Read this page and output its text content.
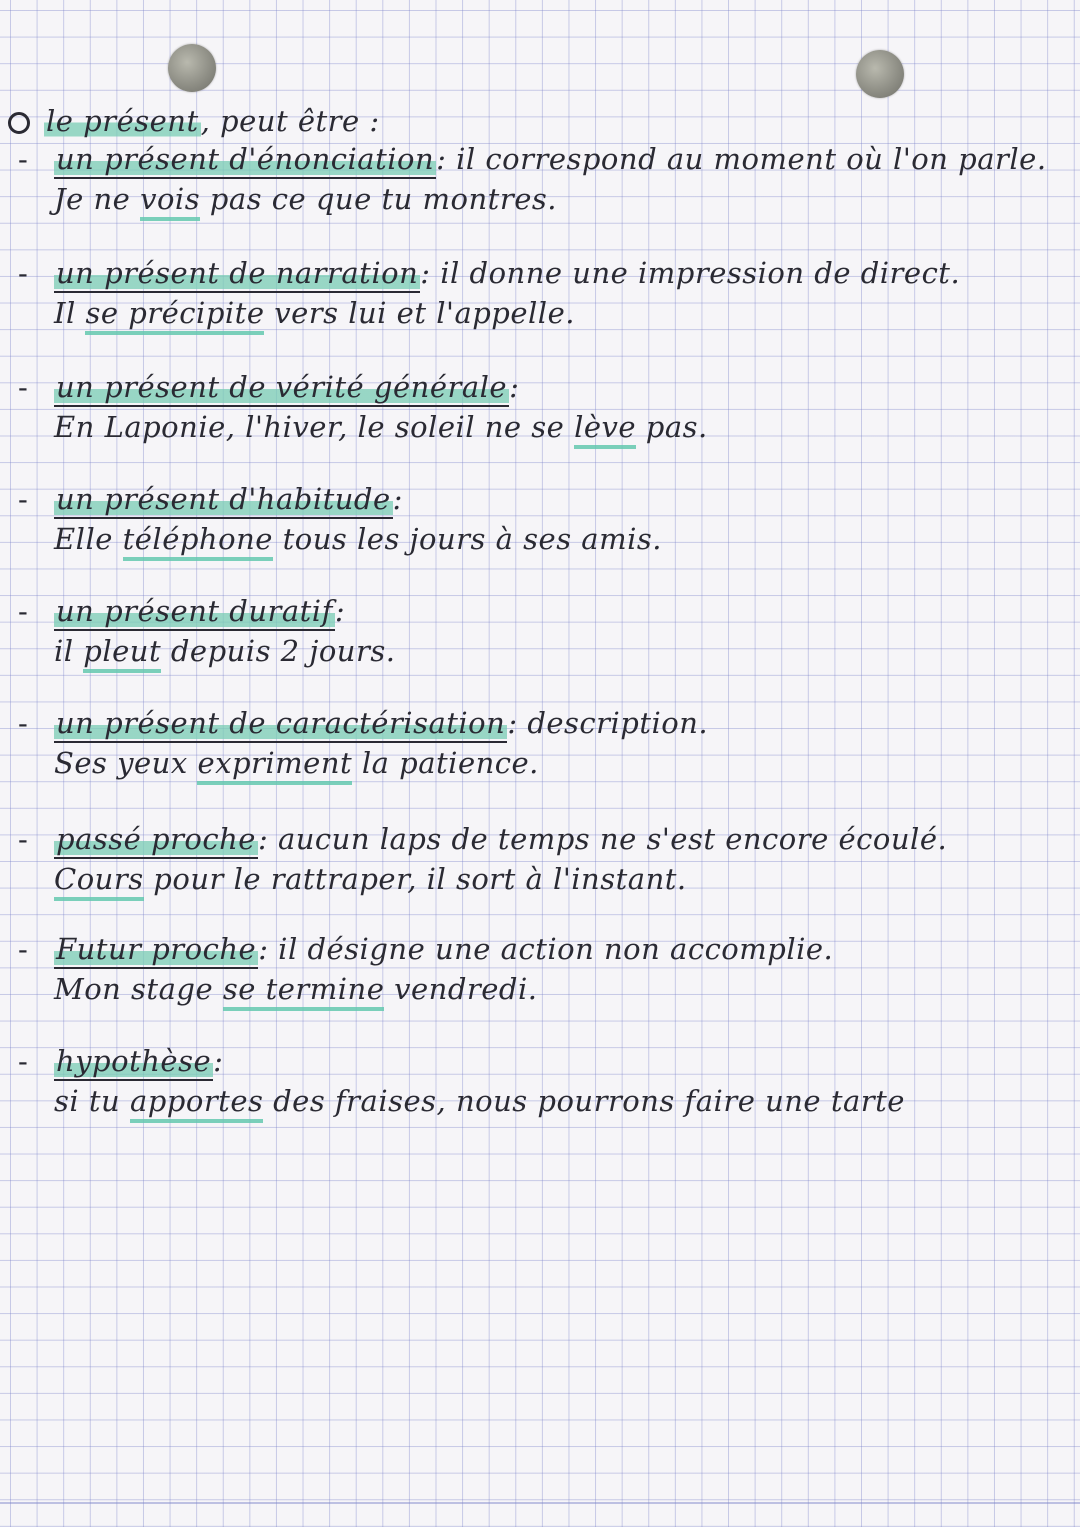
le présent, peut être :
- un présent d'énonciation: il correspond au moment où l'on parle.
Je ne vois pas ce que tu montres.
- un présent de narration: il donne une impression de direct.
Il se précipite vers lui et l'appelle.
- un présent de vérité générale:
En Laponie, l'hiver, le soleil ne se lève pas.
- un présent d'habitude:
Elle téléphone tous les jours à ses amis.
- un présent duratif:
il pleut depuis 2 jours.
- un présent de caractérisation: description.
Ses yeux expriment la patience.
- passé proche: aucun laps de temps ne s'est encore écoulé.
Cours pour le rattraper, il sort à l'instant.
- Futur proche: il désigne une action non accomplie.
Mon stage se termine vendredi.
- hypothèse:
si tu apportes des fraises, nous pourrons faire une tarte
